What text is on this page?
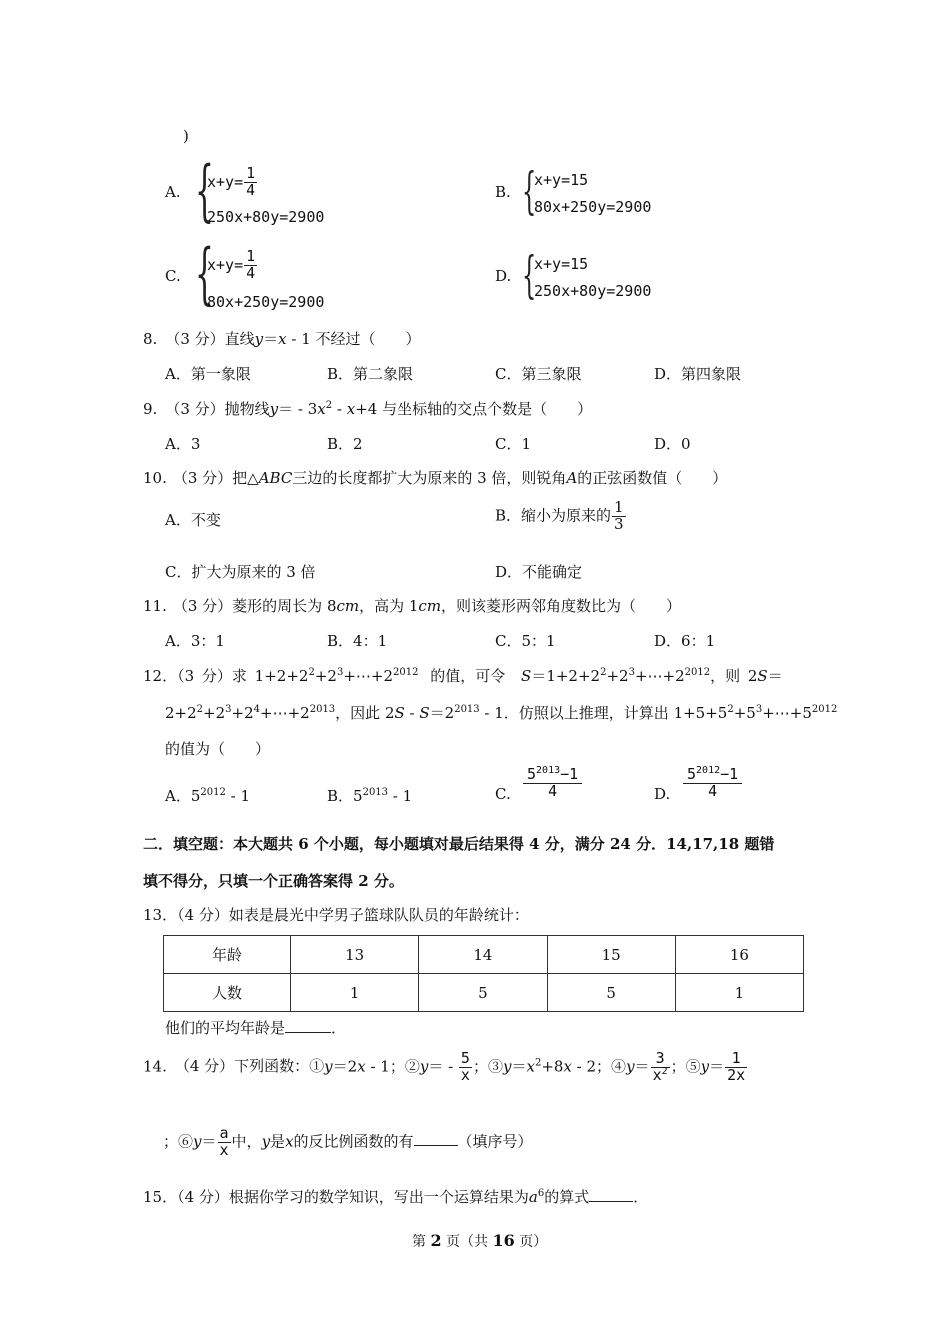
)
A. {
$x+y= \frac{1}{4}$
250x+80y=2900
B. {
x+y=15
80x+250y=2900
C. {
$x+y= \frac{1}{4}$
80x+250y=2900
D. {
x+y=15
250x+80y=2900
8. （3 分）直线y＝x - 1 不经过（　　）
A．第一象限	B．第二象限	C．第三象限	D．第四象限
9. （3 分）抛物线$y= - 3x^2 - x+4$ 与坐标轴的交点个数是（　　）
A．3	B．2	C．1	D．0
10. （3 分）把△ABC三边的长度都扩大为原来的 3 倍，则锐角A的正弦函数值（　　）
A．不变	B．缩小为原来的 $\frac{1}{3}$
C．扩大为原来的 3 倍	D．不能确定
11. （3 分）菱形的周长为 8cm，高为 1cm，则该菱形两邻角度数比为（　　）
A．3：1	B．4：1	C．5：1	D．6：1
12．（3 分）求 $1+2+2^2+2^3+\cdots+2^{2012}$ 的值，可令 $S=1+2+2^2+2^3+\cdots+2^{2012}$，则 2S＝
$2+2^2+2^3+2^4+\cdots+2^{2013}$，因此 $2S - S=2^{2013} - 1$．仿照以上推理，计算出 $1+5+5^2+5^3+\cdots+5^{2012}$
的值为（　　）
A．$5^{2012} - 1$	B．$5^{2013} - 1$	C. $\frac{5^{2013}-1}{4}$	D. $\frac{5^{2012}-1}{4}$
二．填空题：本大题共 6 个小题，每小题填对最后结果得 4 分，满分 24 分．14,17,18 题错
填不得分，只填一个正确答案得 2 分。
13．（4 分）如表是晨光中学男子篮球队队员的年龄统计：
年龄	13	14	15	16
人数	1	5	5	1
他们的平均年龄是	．
14. （4 分）下列函数：①y＝2x - 1；②y＝ - $\frac{5}{x}$ ；$③y=x^2+8x - 2$；④y＝ $\frac{3}{x^2}$ ；⑤y＝ $\frac{1}{2x}$
；⑥y＝ $\frac{a}{x}$ 中，y是x的反比例函数的有	（填序号）
15．（4 分）根据你学习的数学知识，写出一个运算结果为$a^6$的算式	．
第 2 页（共 16 页）
